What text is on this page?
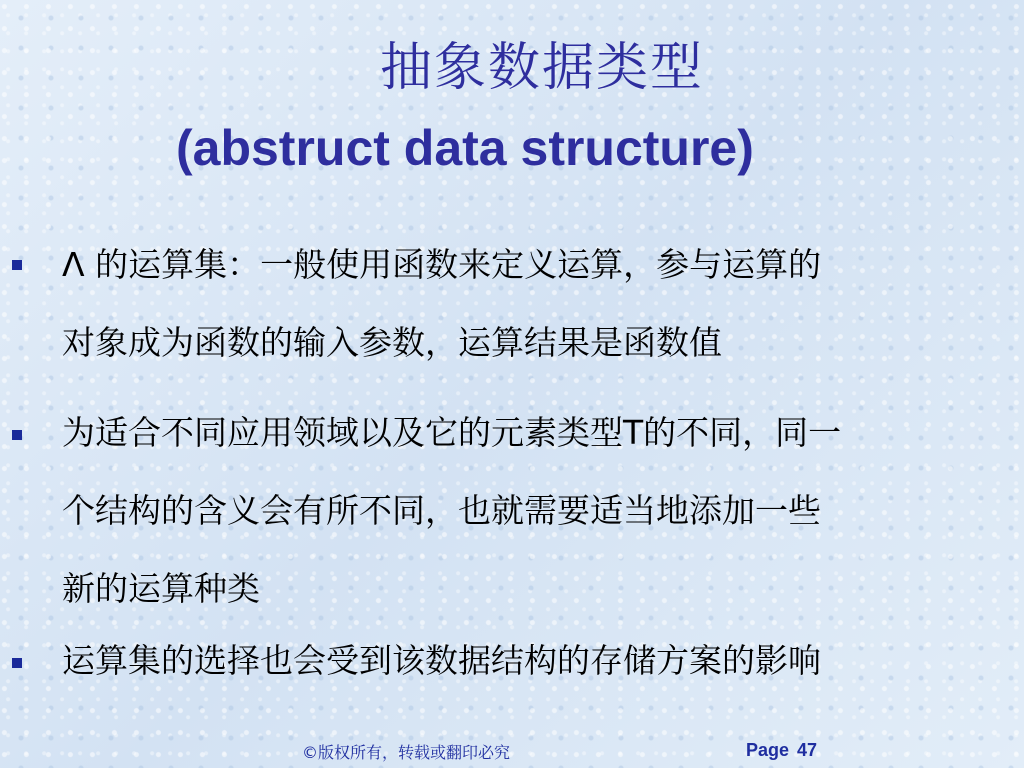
抽象数据类型
(abstruct data structure)
Λ 的运算集：一般使用函数来定义运算，参与运算的
对象成为函数的输入参数，运算结果是函数值
为适合不同应用领域以及它的元素类型T的不同，同一
个结构的含义会有所不同，也就需要适当地添加一些
新的运算种类
运算集的选择也会受到该数据结构的存储方案的影响
©版权所有，转载或翻印必究	Page 47
